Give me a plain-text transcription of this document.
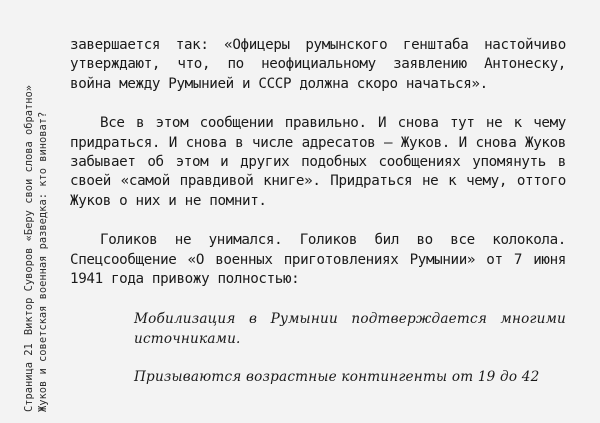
Страница 21Виктор Суворов «Беру свои слова обратно» Жуков и советская военная разведка: кто виноват?

завершается так: «Офицеры румынского генштаба настойчиво утверждают, что, по неофициальному заявлению Антонеску, война между Румынией и СССР должна скоро начаться».

Все в этом сообщении правильно. И снова тут не к чему придраться. И снова в числе адресатов — Жуков. И снова Жуков забывает об этом и других подобных сообщениях упомянуть в своей «самой правдивой книге». Придраться не к чему, оттого Жуков о них и не помнит.

Голиков не унимался. Голиков бил во все колокола. Спецсообщение «О военных приготовлениях Румынии» от 7 июня 1941 года привожу полностью:

Мобилизация в Румынии подтверждается многими источниками.

Призываются возрастные контингенты от 19 до 42
